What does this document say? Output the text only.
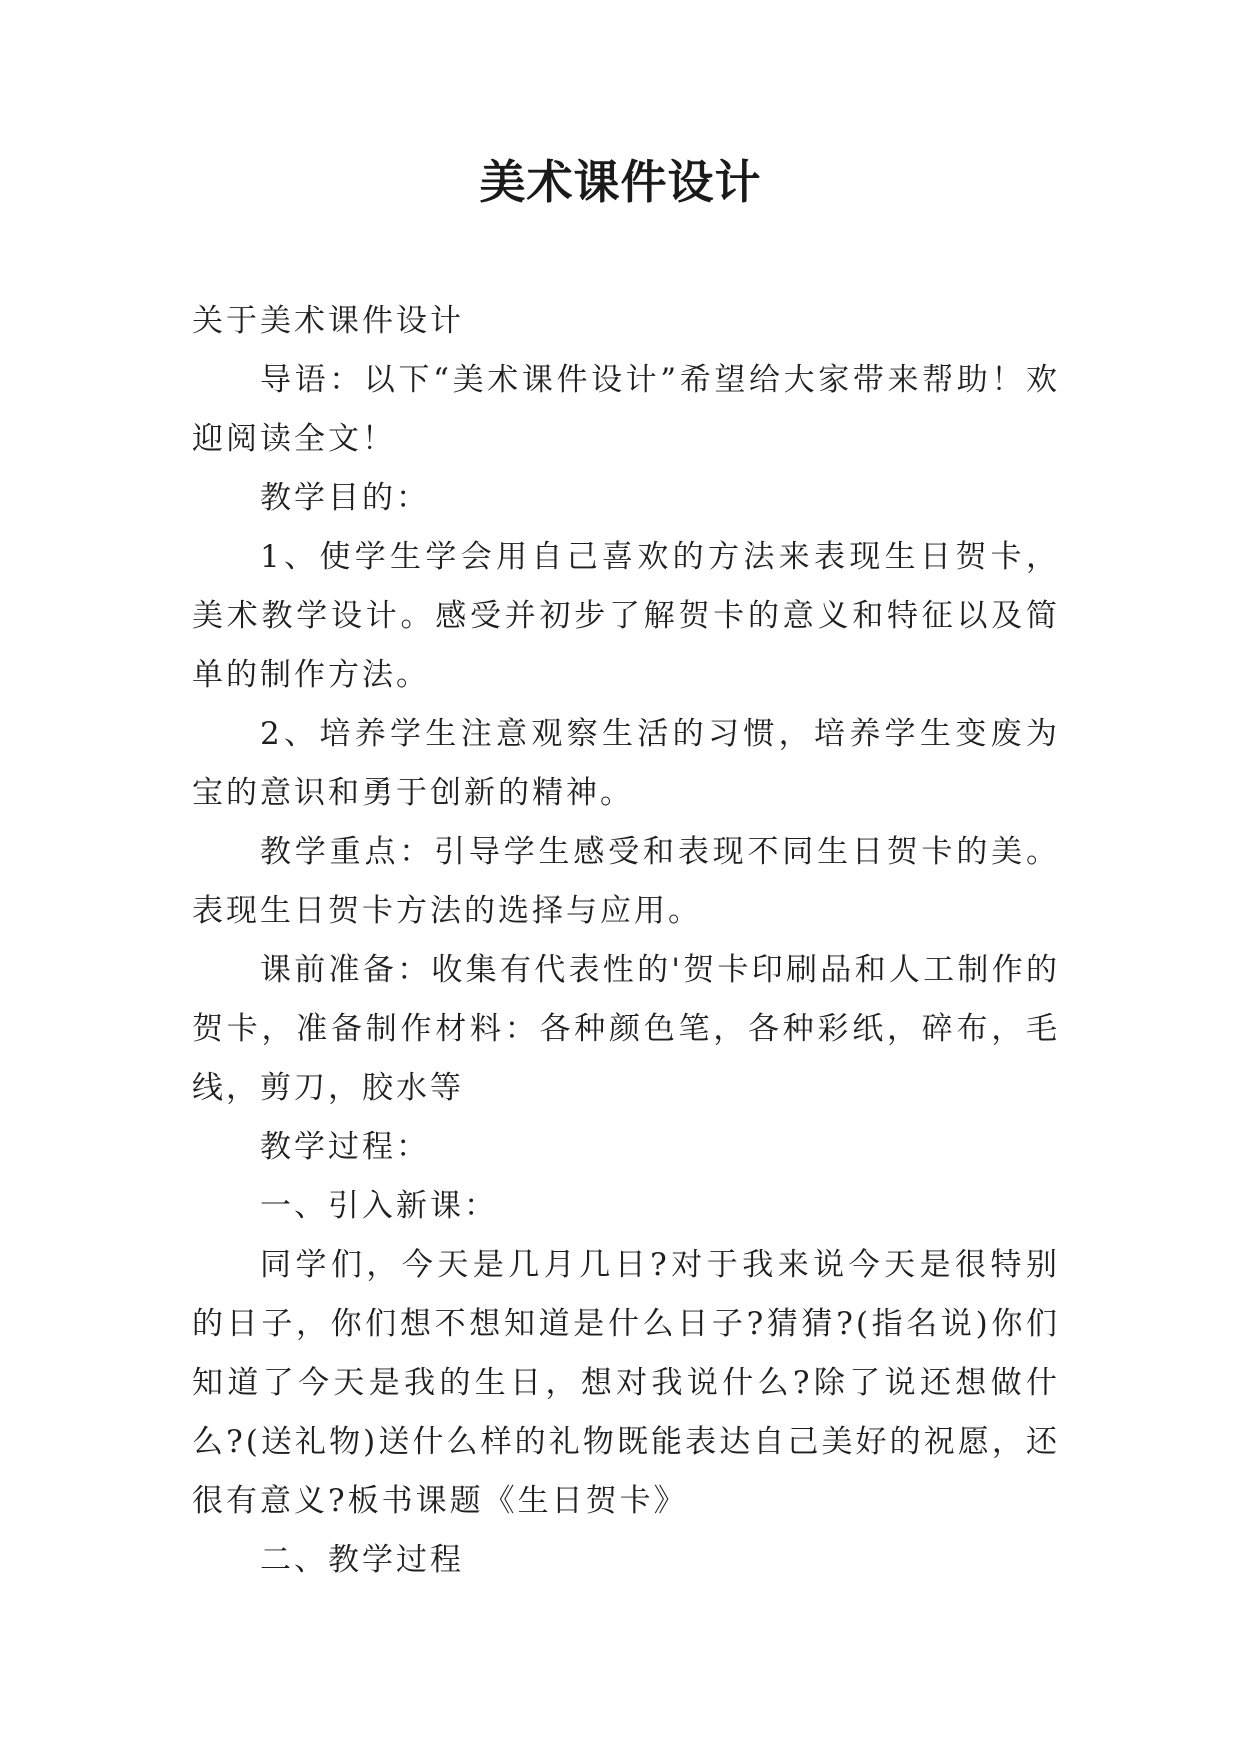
美术课件设计

关于美术课件设计

导语：以下“美术课件设计”希望给大家带来帮助！欢迎阅读全文！

教学目的：

1、使学生学会用自己喜欢的方法来表现生日贺卡，美术教学设计。感受并初步了解贺卡的意义和特征以及简单的制作方法。

2、培养学生注意观察生活的习惯，培养学生变废为宝的意识和勇于创新的精神。

教学重点：引导学生感受和表现不同生日贺卡的美。表现生日贺卡方法的选择与应用。

课前准备：收集有代表性的'贺卡印刷品和人工制作的贺卡，准备制作材料：各种颜色笔，各种彩纸，碎布，毛线，剪刀，胶水等

教学过程：

一、引入新课：

同学们，今天是几月几日?对于我来说今天是很特别的日子，你们想不想知道是什么日子?猜猜?(指名说)你们知道了今天是我的生日，想对我说什么?除了说还想做什么?(送礼物)送什么样的礼物既能表达自己美好的祝愿，还很有意义?板书课题《生日贺卡》

二、教学过程
